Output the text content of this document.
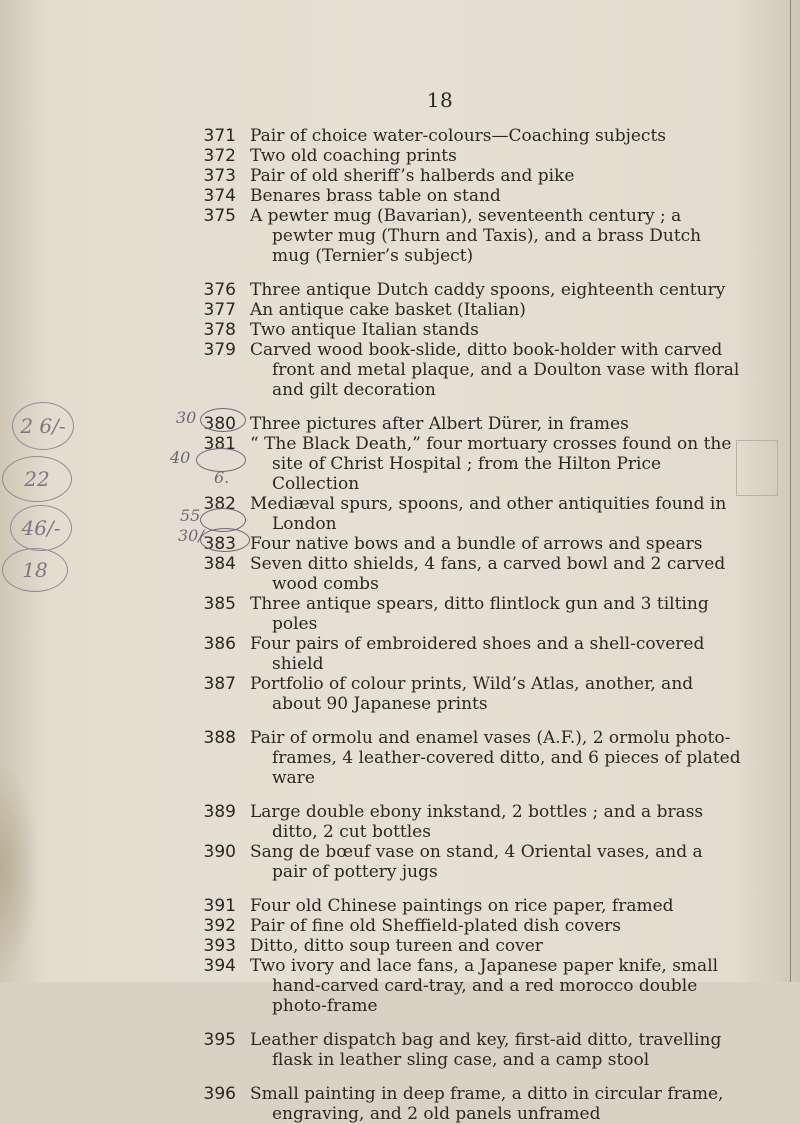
18
371 Pair of choice water-colours—Coaching subjects
372 Two old coaching prints
373 Pair of old sheriff’s halberds and pike
374 Benares brass table on stand
375 A pewter mug (Bavarian), seventeenth century ; a pewter mug (Thurn and Taxis), and a brass Dutch mug (Ternier’s subject)
376 Three antique Dutch caddy spoons, eighteenth century
377 An antique cake basket (Italian)
378 Two antique Italian stands
379 Carved wood book-slide, ditto book-holder with carved front and metal plaque, and a Doulton vase with floral and gilt decoration
380 Three pictures after Albert Dürer, in frames
381 “ The Black Death,” four mortuary crosses found on the site of Christ Hospital ; from the Hilton Price Collection
382 Mediæval spurs, spoons, and other antiquities found in London
383 Four native bows and a bundle of arrows and spears
384 Seven ditto shields, 4 fans, a carved bowl and 2 carved wood combs
385 Three antique spears, ditto flintlock gun and 3 tilting poles
386 Four pairs of embroidered shoes and a shell-covered shield
387 Portfolio of colour prints, Wild’s Atlas, another, and about 90 Japanese prints
388 Pair of ormolu and enamel vases (A.F.), 2 ormolu photo-frames, 4 leather-covered ditto, and 6 pieces of plated ware
389 Large double ebony inkstand, 2 bottles ; and a brass ditto, 2 cut bottles
390 Sang de bœuf vase on stand, 4 Oriental vases, and a pair of pottery jugs
391 Four old Chinese paintings on rice paper, framed
392 Pair of fine old Sheffield-plated dish covers
393 Ditto, ditto soup tureen and cover
394 Two ivory and lace fans, a Japanese paper knife, small hand-carved card-tray, and a red morocco double photo-frame
395 Leather dispatch bag and key, first-aid ditto, travelling flask in leather sling case, and a camp stool
396 Small painting in deep frame, a ditto in circular frame, engraving, and 2 old panels unframed
2 6/-
22
46/-
18
30
40
6.
55
30/-
